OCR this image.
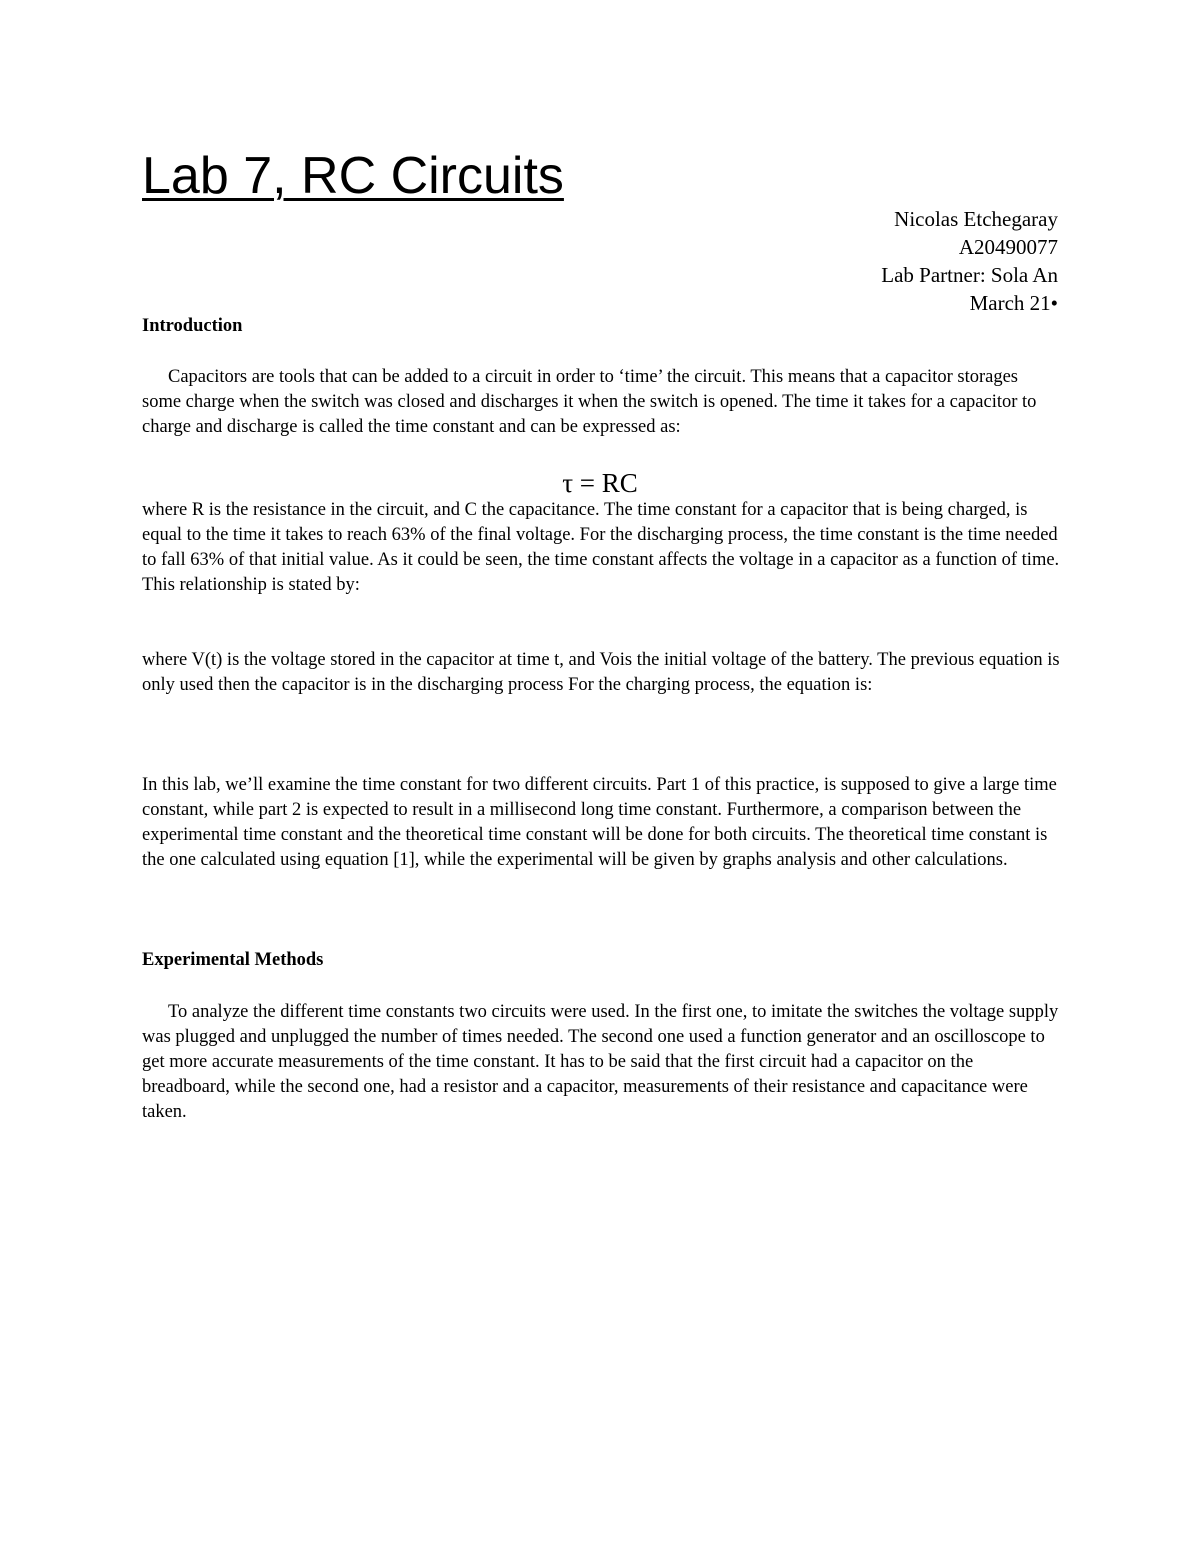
Lab 7, RC Circuits
Nicolas Etchegaray
A20490077
Lab Partner: Sola An
March 21•
Introduction

Capacitors are tools that can be added to a circuit in order to ‘time’ the circuit. This means that a capacitor storages some charge when the switch was closed and discharges it when the switch is opened. The time it takes for a capacitor to charge and discharge is called the time constant and can be expressed as:

τ = RC

where R is the resistance in the circuit, and C the capacitance. The time constant for a capacitor that is being charged, is equal to the time it takes to reach 63% of the final voltage. For the discharging process, the time constant is the time needed to fall 63% of that initial value. As it could be seen, the time constant affects the voltage in a capacitor as a function of time. This relationship is stated by:

where V(t) is the voltage stored in the capacitor at time t, and Vois the initial voltage of the battery. The previous equation is only used then the capacitor is in the discharging process For the charging process, the equation is:

In this lab, we’ll examine the time constant for two different circuits. Part 1 of this practice, is supposed to give a large time constant, while part 2 is expected to result in a millisecond long time constant. Furthermore, a comparison between the experimental time constant and the theoretical time constant will be done for both circuits. The theoretical time constant is the one calculated using equation [1], while the experimental will be given by graphs analysis and other calculations.

Experimental Methods

To analyze the different time constants two circuits were used. In the first one, to imitate the switches the voltage supply was plugged and unplugged the number of times needed. The second one used a function generator and an oscilloscope to get more accurate measurements of the time constant. It has to be said that the first circuit had a capacitor on the breadboard, while the second one, had a resistor and a capacitor, measurements of their resistance and capacitance were taken.
